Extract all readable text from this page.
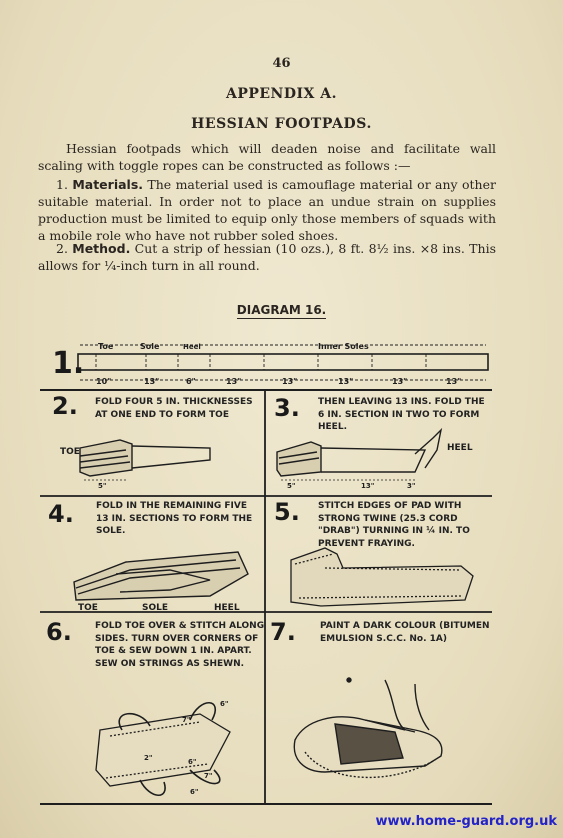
46
APPENDIX A.
HESSIAN FOOTPADS.
Hessian footpads which will deaden noise and facilitate wall scaling with toggle ropes can be constructed as follows :—
1. Materials. The material used is camouflage material or any other suitable material. In order not to place an undue strain on supplies production must be limited to equip only those members of squads with a mobile role who have not rubber soled shoes.
2. Method. Cut a strip of hessian (10 ozs.), 8 ft. 8½ ins. ×8 ins. This allows for ¼-inch turn in all round.
DIAGRAM 16.
Toe	Sole	Heel	Inner Soles
10"	13"	6"	13"	13"	13"	13"	13"
1.
2.	3.
4.	5.
6.	7.
FOLD FOUR 5 IN. THICKNESSES AT ONE END TO FORM TOE
THEN LEAVING 13 INS. FOLD THE 6 IN. SECTION IN TWO TO FORM HEEL.
FOLD IN THE REMAINING FIVE 13 IN. SECTIONS TO FORM THE SOLE.
STITCH EDGES OF PAD WITH STRONG TWINE (25.3 CORD "DRAB") TURNING IN ¼ IN. TO PREVENT FRAYING.
FOLD TOE OVER & STITCH ALONG SIDES. TURN OVER CORNERS OF TOE & SEW DOWN 1 IN. APART. SEW ON STRINGS AS SHEWN.
PAINT A DARK COLOUR (BITUMEN EMULSION S.C.C. No. 1A)
TOE
5"
HEEL
5"	13"	3"
TOE	SOLE	HEEL
6"
7"
2"	6"
7"
6"
www.home-guard.org.uk
